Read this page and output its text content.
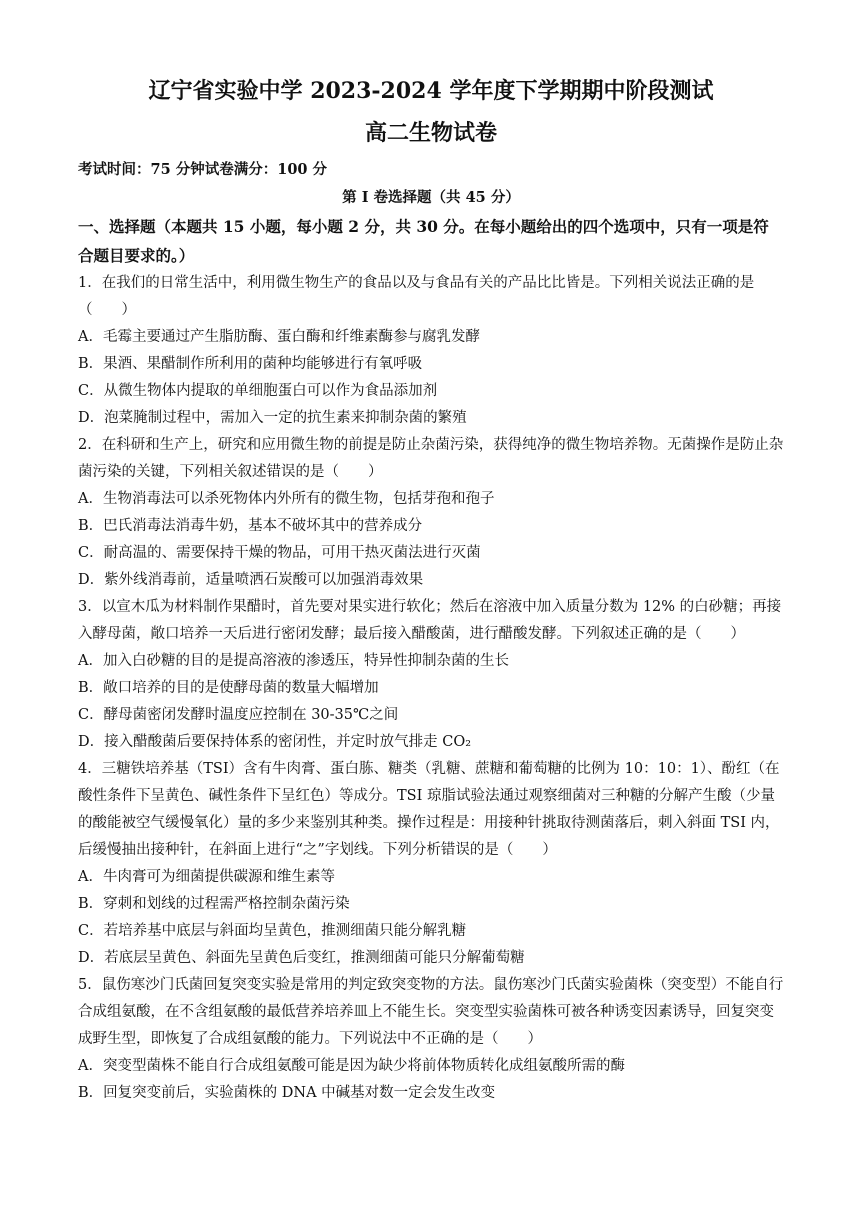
辽宁省实验中学 2023-2024 学年度下学期期中阶段测试
高二生物试卷
考试时间：75 分钟试卷满分：100 分
第 I 卷选择题（共 45 分）
一、选择题（本题共 15 小题，每小题 2 分，共 30 分。在每小题给出的四个选项中，只有一项是符合题目要求的。）
1．在我们的日常生活中，利用微生物生产的食品以及与食品有关的产品比比皆是。下列相关说法正确的是（　　）
A．毛霉主要通过产生脂肪酶、蛋白酶和纤维素酶参与腐乳发酵
B．果酒、果醋制作所利用的菌种均能够进行有氧呼吸
C．从微生物体内提取的单细胞蛋白可以作为食品添加剂
D．泡菜腌制过程中，需加入一定的抗生素来抑制杂菌的繁殖
2．在科研和生产上，研究和应用微生物的前提是防止杂菌污染，获得纯净的微生物培养物。无菌操作是防止杂菌污染的关键，下列相关叙述错误的是（　　）
A．生物消毒法可以杀死物体内外所有的微生物，包括芽孢和孢子
B．巴氏消毒法消毒牛奶，基本不破坏其中的营养成分
C．耐高温的、需要保持干燥的物品，可用干热灭菌法进行灭菌
D．紫外线消毒前，适量喷洒石炭酸可以加强消毒效果
3．以宣木瓜为材料制作果醋时，首先要对果实进行软化；然后在溶液中加入质量分数为 12% 的白砂糖；再接入酵母菌，敞口培养一天后进行密闭发酵；最后接入醋酸菌，进行醋酸发酵。下列叙述正确的是（　　）
A．加入白砂糖的目的是提高溶液的渗透压，特异性抑制杂菌的生长
B．敞口培养的目的是使酵母菌的数量大幅增加
C．酵母菌密闭发酵时温度应控制在 30-35℃之间
D．接入醋酸菌后要保持体系的密闭性，并定时放气排走 CO₂
4．三糖铁培养基（TSI）含有牛肉膏、蛋白胨、糖类（乳糖、蔗糖和葡萄糖的比例为 10：10：1）、酚红（在酸性条件下呈黄色、碱性条件下呈红色）等成分。TSI 琼脂试验法通过观察细菌对三种糖的分解产生酸（少量的酸能被空气缓慢氧化）量的多少来鉴别其种类。操作过程是：用接种针挑取待测菌落后，刺入斜面 TSI 内，后缓慢抽出接种针，在斜面上进行“之”字划线。下列分析错误的是（　　）
A．牛肉膏可为细菌提供碳源和维生素等
B．穿刺和划线的过程需严格控制杂菌污染
C．若培养基中底层与斜面均呈黄色，推测细菌只能分解乳糖
D．若底层呈黄色、斜面先呈黄色后变红，推测细菌可能只分解葡萄糖
5．鼠伤寒沙门氏菌回复突变实验是常用的判定致突变物的方法。鼠伤寒沙门氏菌实验菌株（突变型）不能自行合成组氨酸，在不含组氨酸的最低营养培养皿上不能生长。突变型实验菌株可被各种诱变因素诱导，回复突变成野生型，即恢复了合成组氨酸的能力。下列说法中不正确的是（　　）
A．突变型菌株不能自行合成组氨酸可能是因为缺少将前体物质转化成组氨酸所需的酶
B．回复突变前后，实验菌株的 DNA 中碱基对数一定会发生改变
